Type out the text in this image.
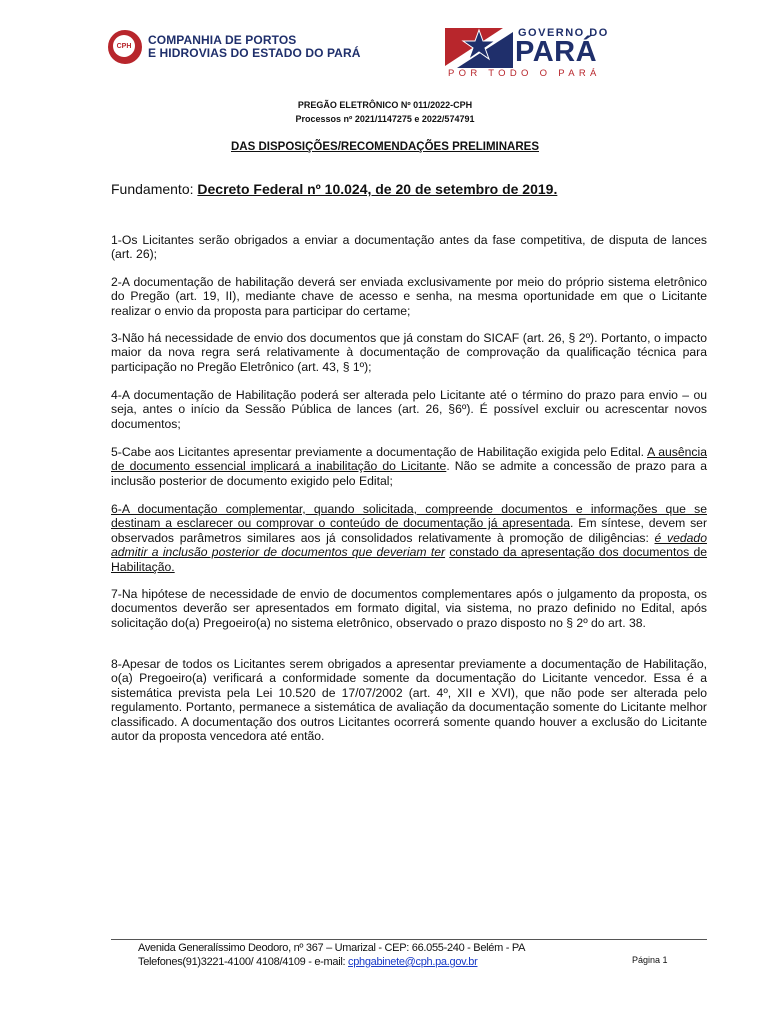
CPH COMPANHIA DE PORTOS
E HIDROVIAS DO ESTADO DO PARÁ
GOVERNO DO
PARÁ
POR TODO O PARÁ
PREGÃO ELETRÔNICO Nº 011/2022-CPH
Processos nº 2021/1147275 e 2022/574791
DAS DISPOSIÇÕES/RECOMENDAÇÕES PRELIMINARES
Fundamento: Decreto Federal nº 10.024, de 20 de setembro de 2019.
1-Os Licitantes serão obrigados a enviar a documentação antes da fase competitiva, de disputa de lances (art. 26);
2-A documentação de habilitação deverá ser enviada exclusivamente por meio do próprio sistema eletrônico do Pregão (art. 19, II), mediante chave de acesso e senha, na mesma oportunidade em que o Licitante realizar o envio da proposta para participar do certame;
3-Não há necessidade de envio dos documentos que já constam do SICAF (art. 26, § 2º). Portanto, o impacto maior da nova regra será relativamente à documentação de comprovação da qualificação técnica para participação no Pregão Eletrônico (art. 43, § 1º);
4-A documentação de Habilitação poderá ser alterada pelo Licitante até o término do prazo para envio – ou seja, antes o início da Sessão Pública de lances (art. 26, §6º). É possível excluir ou acrescentar novos documentos;
5-Cabe aos Licitantes apresentar previamente a documentação de Habilitação exigida pelo Edital. A ausência de documento essencial implicará a inabilitação do Licitante. Não se admite a concessão de prazo para a inclusão posterior de documento exigido pelo Edital;
6-A documentação complementar, quando solicitada, compreende documentos e informações que se destinam a esclarecer ou comprovar o conteúdo de documentação já apresentada. Em síntese, devem ser observados parâmetros similares aos já consolidados relativamente à promoção de diligências: é vedado admitir a inclusão posterior de documentos que deveriam ter constado da apresentação dos documentos de Habilitação.
7-Na hipótese de necessidade de envio de documentos complementares após o julgamento da proposta, os documentos deverão ser apresentados em formato digital, via sistema, no prazo definido no Edital, após solicitação do(a) Pregoeiro(a) no sistema eletrônico, observado o prazo disposto no § 2º do art. 38.
8-Apesar de todos os Licitantes serem obrigados a apresentar previamente a documentação de Habilitação, o(a) Pregoeiro(a) verificará a conformidade somente da documentação do Licitante vencedor. Essa é a sistemática prevista pela Lei 10.520 de 17/07/2002 (art. 4º, XII e XVI), que não pode ser alterada pelo regulamento. Portanto, permanece a sistemática de avaliação da documentação somente do Licitante melhor classificado. A documentação dos outros Licitantes ocorrerá somente quando houver a exclusão do Licitante autor da proposta vencedora até então.
Avenida Generalíssimo Deodoro, nº 367 – Umarizal - CEP: 66.055-240 - Belém - PA
Telefones(91)3221-4100/ 4108/4109 - e-mail: cphgabinete@cph.pa.gov.br	Página 1
